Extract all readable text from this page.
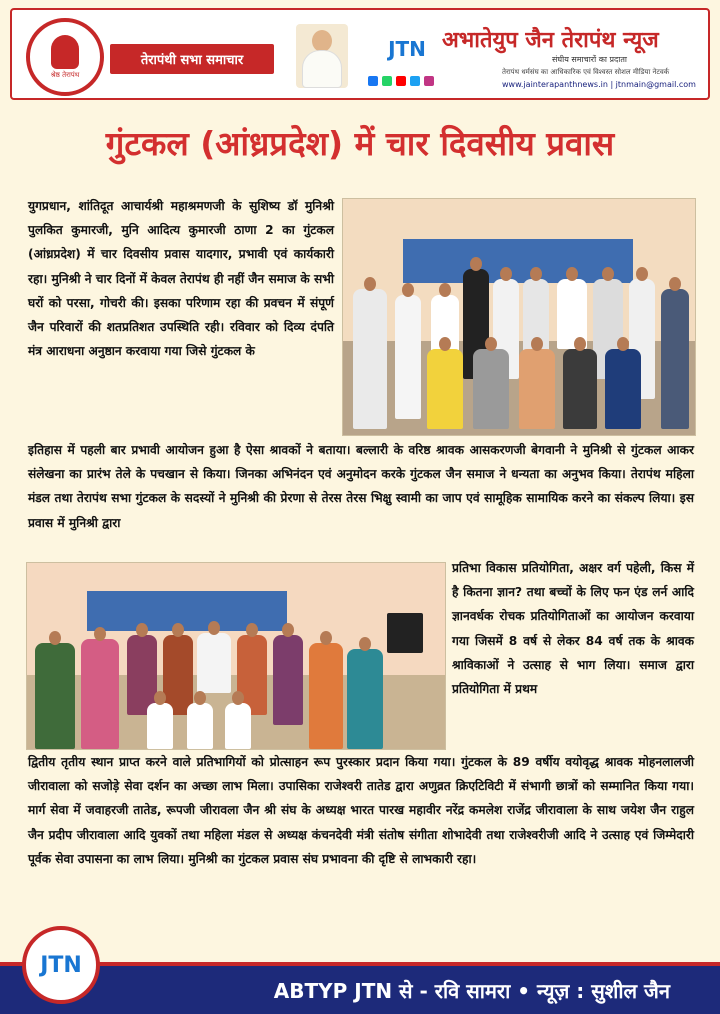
श्रेष्ठ तेरापंथ
तेरापंथी सभा समाचार	JTN अभातेयुप जैन तेरापंथ न्यूज
संघीय समाचारों का प्रदाता
तेरापंथ धर्मसंघ का आधिकारिक एवं विश्वस्त सोशल मीडिया नेटवर्क
www.jainterapanthnews.in | jtnmain@gmail.com
गुंटकल (आंध्रप्रदेश) में चार दिवसीय प्रवास
युगप्रधान, शांतिदूत आचार्यश्री महाश्रमणजी के सुशिष्य डॉ मुनिश्री पुलकित कुमारजी, मुनि आदित्य कुमारजी ठाणा 2 का गुंटकल (आंध्रप्रदेश) में चार दिवसीय प्रवास यादगार, प्रभावी एवं कार्यकारी रहा। मुनिश्री ने चार दिनों में केवल तेरापंथ ही नहीं जैन समाज के सभी घरों को परसा, गोचरी की। इसका परिणाम रहा की प्रवचन में संपूर्ण जैन परिवारों की शतप्रतिशत उपस्थिति रही। रविवार को दिव्य दंपति मंत्र आराधना अनुष्ठान करवाया गया जिसे गुंटकल के
इतिहास में पहली बार प्रभावी आयोजन हुआ है ऐसा श्रावकों ने बताया। बल्लारी के वरिष्ठ श्रावक आसकरणजी बेगवानी ने मुनिश्री से गुंटकल आकर संलेखना का प्रारंभ तेले के पचखान से किया। जिनका अभिनंदन एवं अनुमोदन करके गुंटकल जैन समाज ने धन्यता का अनुभव किया। तेरापंथ महिला मंडल तथा तेरापंथ सभा गुंटकल के सदस्यों ने मुनिश्री की प्रेरणा से तेरस तेरस भिक्षु स्वामी का जाप एवं सामूहिक सामायिक करने का संकल्प लिया। इस प्रवास में मुनिश्री द्वारा
प्रतिभा विकास प्रतियोगिता, अक्षर वर्ग पहेली, किस में है कितना ज्ञान? तथा बच्चों के लिए फन एंड लर्न आदि ज्ञानवर्धक रोचक प्रतियोगिताओं का आयोजन करवाया गया जिसमें 8 वर्ष से लेकर 84 वर्ष तक के श्रावक श्राविकाओं ने उत्साह से भाग लिया। समाज द्वारा प्रतियोगिता में प्रथम
द्वितीय तृतीय स्थान प्राप्त करने वाले प्रतिभागियों को प्रोत्साहन रूप पुरस्कार प्रदान किया गया। गुंटकल के 89 वर्षीय वयोवृद्ध श्रावक मोहनलालजी जीरावाला को सजोड़े सेवा दर्शन का अच्छा लाभ मिला। उपासिका राजेश्वरी तातेड द्वारा अणुव्रत क्रिएटिविटी में संभागी छात्रों को सम्मानित किया गया। मार्ग सेवा में जवाहरजी तातेड, रूपजी जीरावला जैन श्री संघ के अध्यक्ष भारत पारख महावीर नरेंद्र कमलेश राजेंद्र जीरावाला के साथ जयेश जैन राहुल जैन प्रदीप जीरावाला आदि युवकों तथा महिला मंडल से अध्यक्ष कंचनदेवी मंत्री संतोष संगीता शोभादेवी तथा राजेश्वरीजी आदि ने उत्साह एवं जिम्मेदारी पूर्वक सेवा उपासना का लाभ लिया। मुनिश्री का गुंटकल प्रवास संघ प्रभावना की दृष्टि से लाभकारी रहा।
ABTYP JTN से - रवि सामरा • न्यूज़ : सुशील जैन
JTN
